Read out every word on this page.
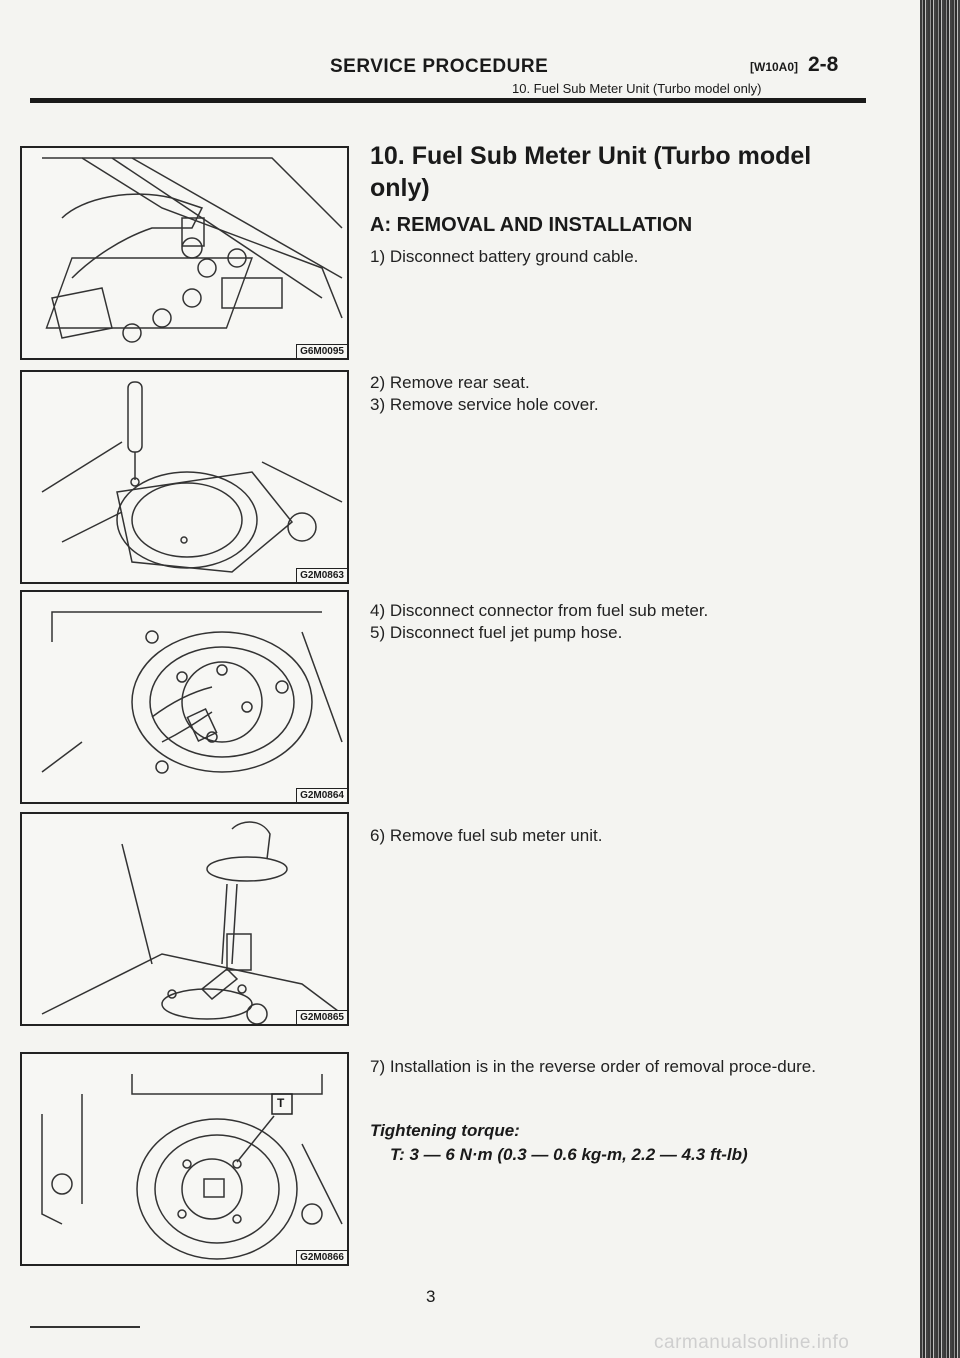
SERVICE PROCEDURE	[W10A0] 2-8
10. Fuel Sub Meter Unit (Turbo model only)
G6M0095
G2M0863
G2M0864
G2M0865
T
G2M0866
10. Fuel Sub Meter Unit (Turbo model only)
A: REMOVAL AND INSTALLATION
1) Disconnect battery ground cable.
2) Remove rear seat.
3) Remove service hole cover.
4) Disconnect connector from fuel sub meter.
5) Disconnect fuel jet pump hose.
6) Remove fuel sub meter unit.
7) Installation is in the reverse order of removal proce-dure.
Tightening torque:
T: 3 — 6 N·m (0.3 — 0.6 kg-m, 2.2 — 4.3 ft-lb)
3
carmanualsonline.info
